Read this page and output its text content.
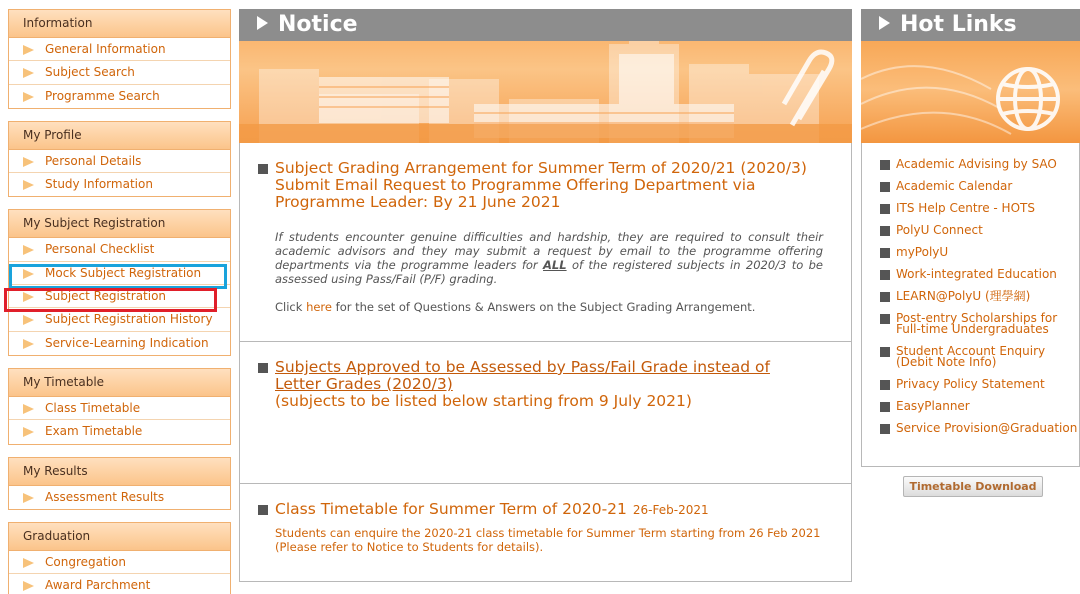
Information
General Information
Subject Search
Programme Search
My Profile
Personal Details
Study Information
My Subject Registration
Personal Checklist
Mock Subject Registration
Subject Registration
Subject Registration History
Service-Learning Indication
My Timetable
Class Timetable
Exam Timetable
My Results
Assessment Results
Graduation
Congregation
Award Parchment
Notice
Subject Grading Arrangement for Summer Term of 2020/21 (2020/3) Submit Email Request to Programme Offering Department via Programme Leader: By 21 June 2021

If students encounter genuine difficulties and hardship, they are required to consult their academic advisors and they may submit a request by email to the programme offering departments via the programme leaders for ALL of the registered subjects in 2020/3 to be assessed using Pass/Fail (P/F) grading.

Click here for the set of Questions & Answers on the Subject Grading Arrangement.

Subjects Approved to be Assessed by Pass/Fail Grade instead of Letter Grades (2020/3)
(subjects to be listed below starting from 9 July 2021)
Class Timetable for Summer Term of 2020-21 26-Feb-2021

Students can enquire the 2020-21 class timetable for Summer Term starting from 26 Feb 2021 (Please refer to Notice to Students for details).

Hot Links
Academic Advising by SAO
Academic Calendar
ITS Help Centre - HOTS
PolyU Connect
myPolyU
Work-integrated Education
LEARN@PolyU (理學網)
Post-entry Scholarships for Full-time Undergraduates
Student Account Enquiry (Debit Note Info)
Privacy Policy Statement
EasyPlanner
Service Provision@Graduation
Timetable Download
